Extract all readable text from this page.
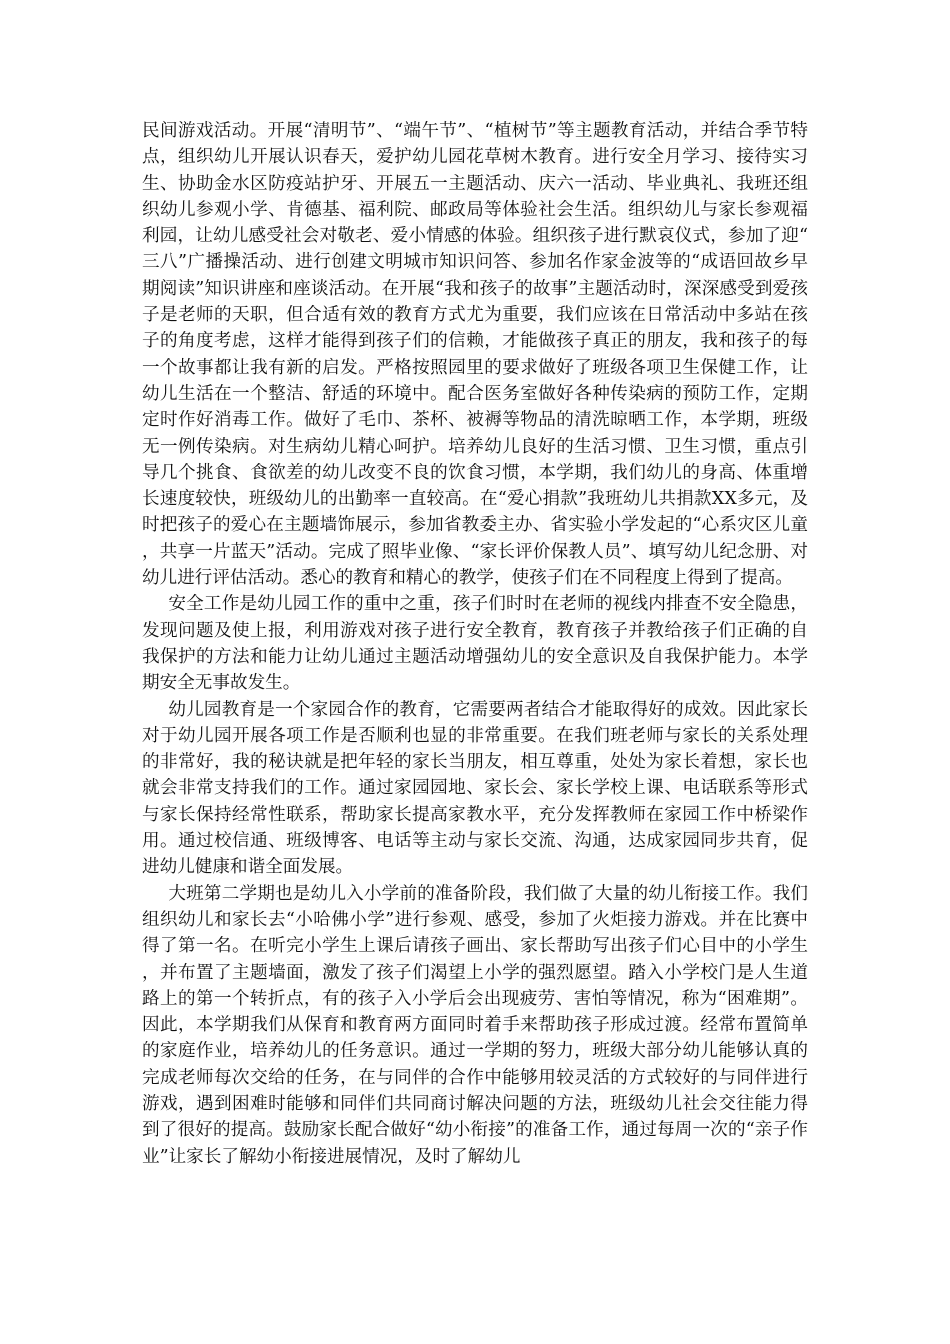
民间游戏活动。开展“清明节”、“端午节”、“植树节”等主题教育活动，并结合季节特点，组织幼儿开展认识春天，爱护幼儿园花草树木教育。进行安全月学习、接待实习生、协助金水区防疫站护牙、开展五一主题活动、庆六一活动、毕业典礼、我班还组织幼儿参观小学、肯德基、福利院、邮政局等体验社会生活。组织幼儿与家长参观福利园，让幼儿感受社会对敬老、爱小情感的体验。组织孩子进行默哀仪式，参加了迎“三八”广播操活动、进行创建文明城市知识问答、参加名作家金波等的“成语回故乡早期阅读”知识讲座和座谈活动。在开展“我和孩子的故事”主题活动时，深深感受到爱孩子是老师的天职，但合适有效的教育方式尤为重要，我们应该在日常活动中多站在孩子的角度考虑，这样才能得到孩子们的信赖，才能做孩子真正的朋友，我和孩子的每一个故事都让我有新的启发。严格按照园里的要求做好了班级各项卫生保健工作，让幼儿生活在一个整洁、舒适的环境中。配合医务室做好各种传染病的预防工作，定期定时作好消毒工作。做好了毛巾、茶杯、被褥等物品的清洗晾晒工作，本学期，班级无一例传染病。对生病幼儿精心呵护。培养幼儿良好的生活习惯、卫生习惯，重点引导几个挑食、食欲差的幼儿改变不良的饮食习惯，本学期，我们幼儿的身高、体重增长速度较快，班级幼儿的出勤率一直较高。在“爱心捐款”我班幼儿共捐款XX多元，及时把孩子的爱心在主题墙饰展示，参加省教委主办、省实验小学发起的“心系灾区儿童，共享一片蓝天”活动。完成了照毕业像、“家长评价保教人员”、填写幼儿纪念册、对幼儿进行评估活动。悉心的教育和精心的教学，使孩子们在不同程度上得到了提高。

安全工作是幼儿园工作的重中之重，孩子们时时在老师的视线内排查不安全隐患，发现问题及使上报，利用游戏对孩子进行安全教育，教育孩子并教给孩子们正确的自我保护的方法和能力让幼儿通过主题活动增强幼儿的安全意识及自我保护能力。本学期安全无事故发生。

幼儿园教育是一个家园合作的教育，它需要两者结合才能取得好的成效。因此家长对于幼儿园开展各项工作是否顺利也显的非常重要。在我们班老师与家长的关系处理的非常好，我的秘诀就是把年轻的家长当朋友，相互尊重，处处为家长着想，家长也就会非常支持我们的工作。通过家园园地、家长会、家长学校上课、电话联系等形式与家长保持经常性联系，帮助家长提高家教水平，充分发挥教师在家园工作中桥梁作用。通过校信通、班级博客、电话等主动与家长交流、沟通，达成家园同步共育，促进幼儿健康和谐全面发展。

大班第二学期也是幼儿入小学前的准备阶段，我们做了大量的幼儿衔接工作。我们组织幼儿和家长去“小哈佛小学”进行参观、感受，参加了火炬接力游戏。并在比赛中得了第一名。在听完小学生上课后请孩子画出、家长帮助写出孩子们心目中的小学生，并布置了主题墙面，激发了孩子们渴望上小学的强烈愿望。踏入小学校门是人生道路上的第一个转折点，有的孩子入小学后会出现疲劳、害怕等情况，称为“困难期”。因此，本学期我们从保育和教育两方面同时着手来帮助孩子形成过渡。经常布置简单的家庭作业，培养幼儿的任务意识。通过一学期的努力，班级大部分幼儿能够认真的完成老师每次交给的任务，在与同伴的合作中能够用较灵活的方式较好的与同伴进行游戏，遇到困难时能够和同伴们共同商讨解决问题的方法，班级幼儿社会交往能力得到了很好的提高。鼓励家长配合做好“幼小衔接”的准备工作，通过每周一次的“亲子作业”让家长了解幼小衔接进展情况，及时了解幼儿
